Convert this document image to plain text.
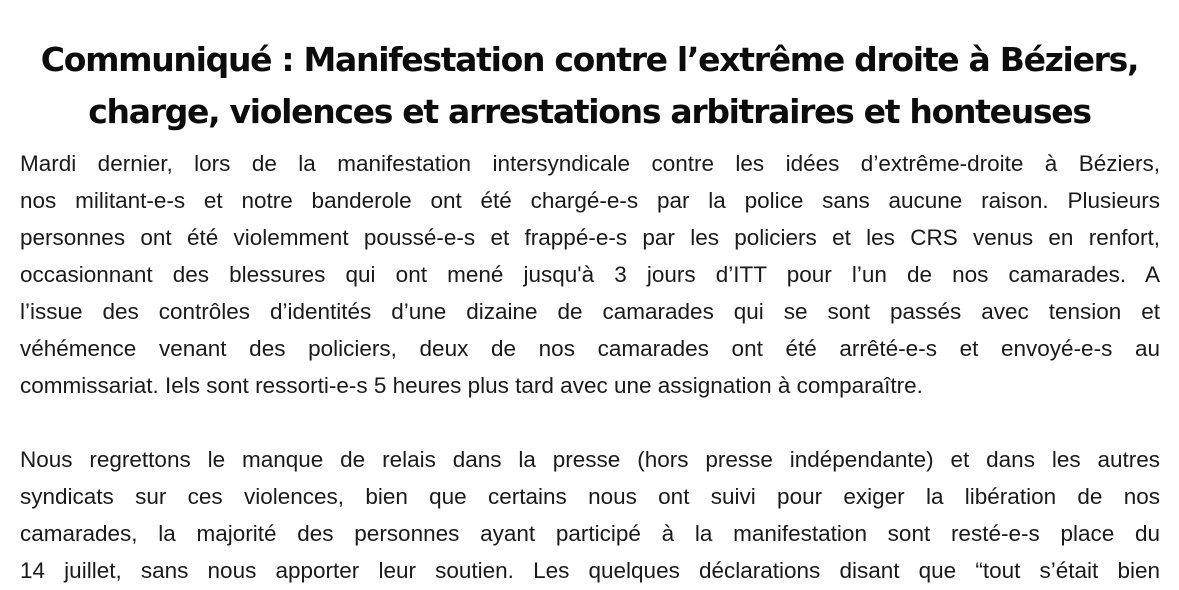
Communiqué : Manifestation contre l’extrême droite à Béziers,
charge, violences et arrestations arbitraires et honteuses
Mardi dernier, lors de la manifestation intersyndicale contre les idées d’extrême-droite à Béziers,
nos militant-e-s et notre banderole ont été chargé-e-s par la police sans aucune raison. Plusieurs
personnes ont été violemment poussé-e-s et frappé-e-s par les policiers et les CRS venus en renfort,
occasionnant des blessures qui ont mené jusqu'à 3 jours d’ITT pour l’un de nos camarades. A
l’issue des contrôles d’identités d’une dizaine de camarades qui se sont passés avec tension et
véhémence venant des policiers, deux de nos camarades ont été arrêté-e-s et envoyé-e-s au
commissariat. Iels sont ressorti-e-s 5 heures plus tard avec une assignation à comparaître.
Nous regrettons le manque de relais dans la presse (hors presse indépendante) et dans les autres
syndicats sur ces violences, bien que certains nous ont suivi pour exiger la libération de nos
camarades, la majorité des personnes ayant participé à la manifestation sont resté-e-s place du
14 juillet, sans nous apporter leur soutien. Les quelques déclarations disant que “tout s’était bien
